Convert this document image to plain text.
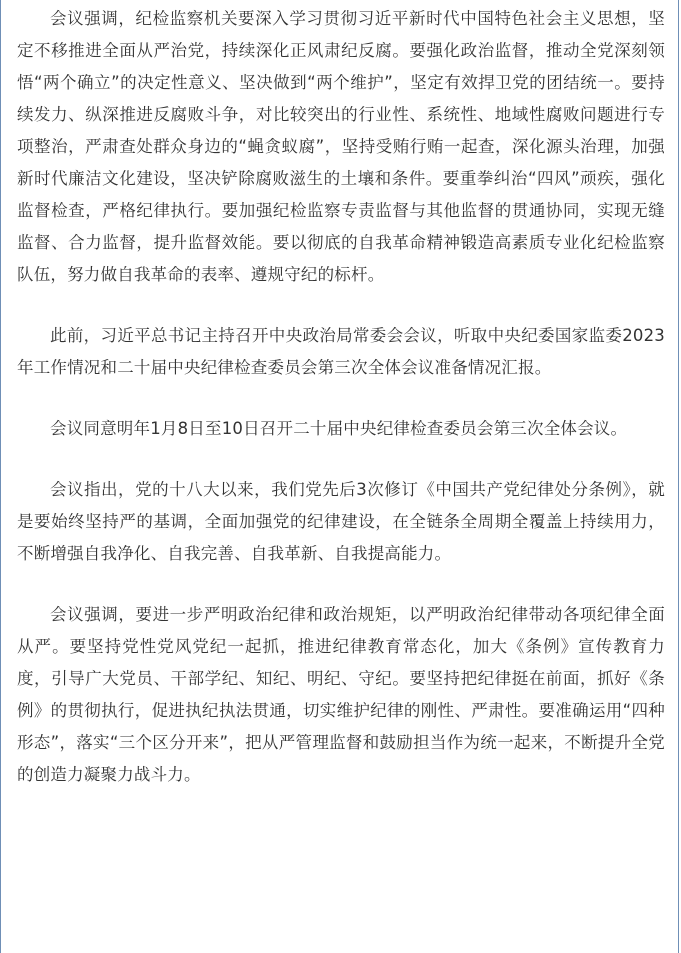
会议强调，纪检监察机关要深入学习贯彻习近平新时代中国特色社会主义思想，坚定不移推进全面从严治党，持续深化正风肃纪反腐。要强化政治监督，推动全党深刻领悟“两个确立”的决定性意义、坚决做到“两个维护”，坚定有效捍卫党的团结统一。要持续发力、纵深推进反腐败斗争，对比较突出的行业性、系统性、地域性腐败问题进行专项整治，严肃查处群众身边的“蝇贪蚁腐”，坚持受贿行贿一起查，深化源头治理，加强新时代廉洁文化建设，坚决铲除腐败滋生的土壤和条件。要重拳纠治“四风”顽疾，强化监督检查，严格纪律执行。要加强纪检监察专责监督与其他监督的贯通协同，实现无缝监督、合力监督，提升监督效能。要以彻底的自我革命精神锻造高素质专业化纪检监察队伍，努力做自我革命的表率、遵规守纪的标杆。

此前，习近平总书记主持召开中央政治局常委会会议，听取中央纪委国家监委2023年工作情况和二十届中央纪律检查委员会第三次全体会议准备情况汇报。

会议同意明年1月8日至10日召开二十届中央纪律检查委员会第三次全体会议。

会议指出，党的十八大以来，我们党先后3次修订《中国共产党纪律处分条例》，就是要始终坚持严的基调，全面加强党的纪律建设，在全链条全周期全覆盖上持续用力，不断增强自我净化、自我完善、自我革新、自我提高能力。

会议强调，要进一步严明政治纪律和政治规矩，以严明政治纪律带动各项纪律全面从严。要坚持党性党风党纪一起抓，推进纪律教育常态化，加大《条例》宣传教育力度，引导广大党员、干部学纪、知纪、明纪、守纪。要坚持把纪律挺在前面，抓好《条例》的贯彻执行，促进执纪执法贯通，切实维护纪律的刚性、严肃性。要准确运用“四种形态”，落实“三个区分开来”，把从严管理监督和鼓励担当作为统一起来，不断提升全党的创造力凝聚力战斗力。
